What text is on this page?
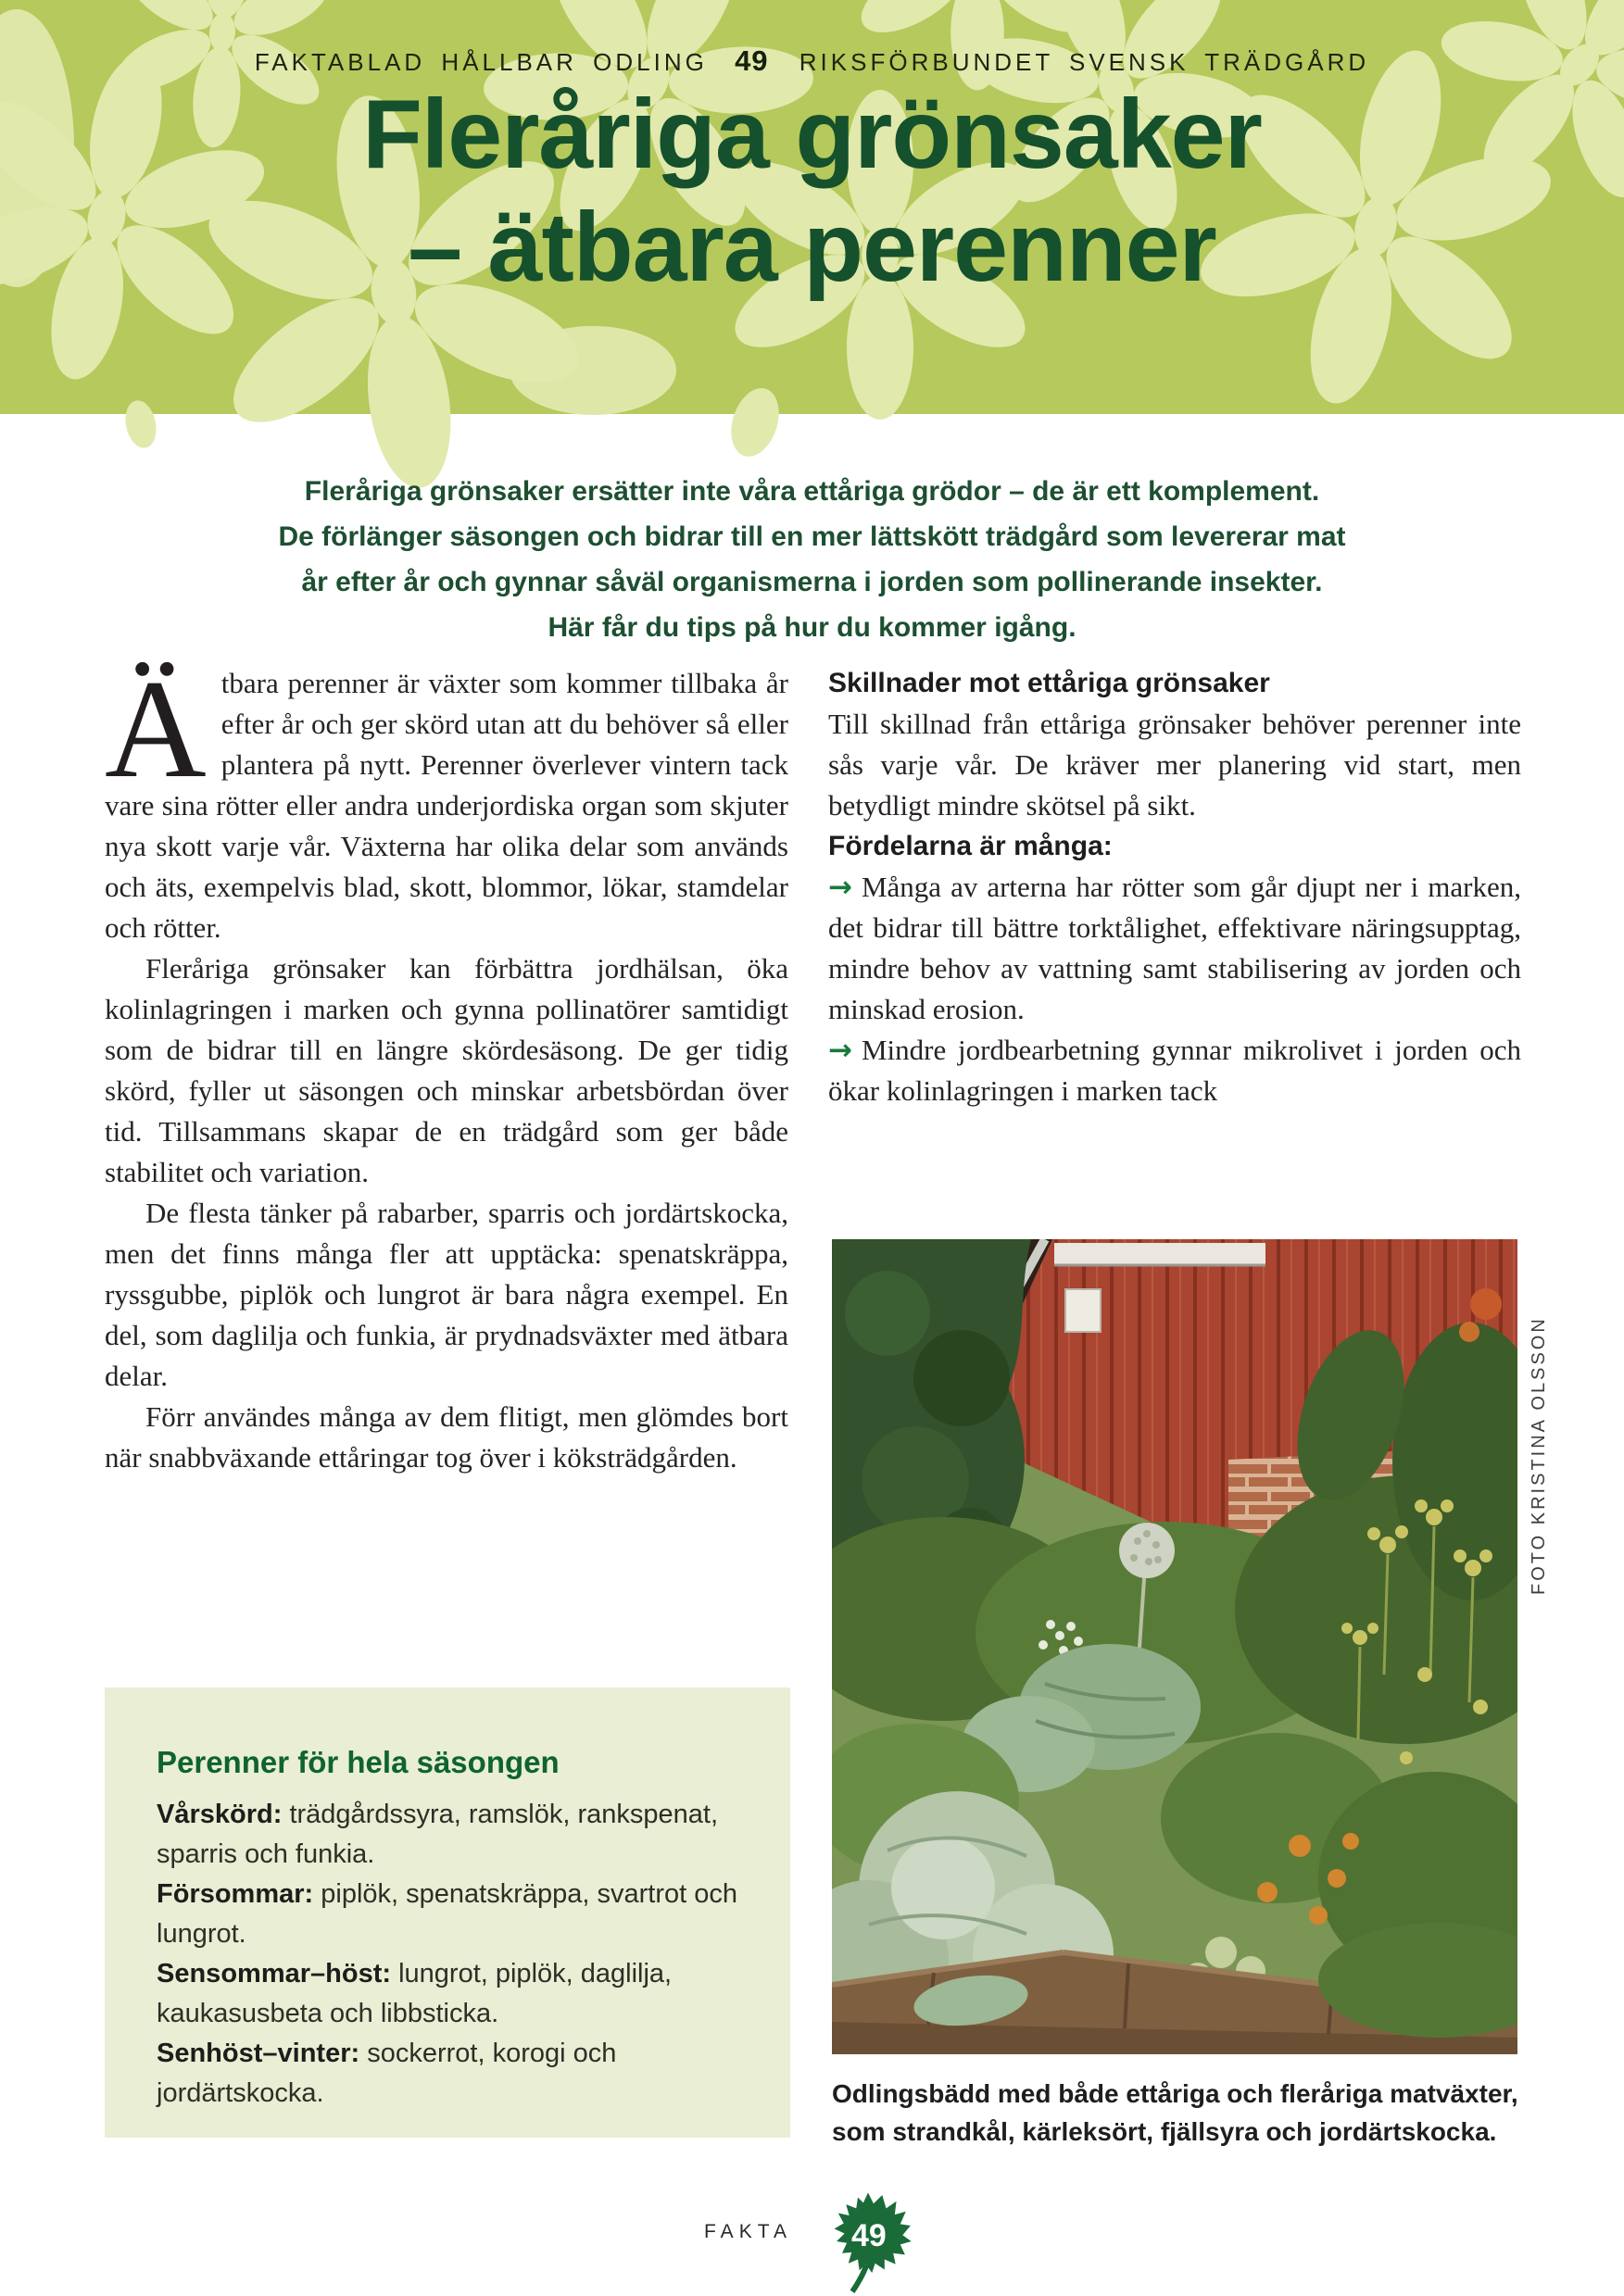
FAKTABLAD HÅLLBAR ODLING 49 RIKSFÖRBUNDET SVENSK TRÄDGÅRD
Fleråriga grönsaker
– ätbara perenner
Fleråriga grönsaker ersätter inte våra ettåriga grödor – de är ett komplement.
De förlänger säsongen och bidrar till en mer lättskött trädgård som levererar mat
år efter år och gynnar såväl organismerna i jorden som pollinerande insekter.
Här får du tips på hur du kommer igång.

Ätbara perenner är växter som kommer tillbaka år efter år och ger skörd utan att du behöver så eller plantera på nytt. Perenner överlever vintern tack vare sina rötter eller andra underjordiska organ som skjuter nya skott varje vår. Växterna har olika delar som används och äts, exempelvis blad, skott, blommor, lökar, stamdelar och rötter.

Fleråriga grönsaker kan förbättra jordhälsan, öka kolinlagringen i marken och gynna pollinatörer samtidigt som de bidrar till en längre skördesäsong. De ger tidig skörd, fyller ut säsongen och minskar arbetsbördan över tid. Tillsammans skapar de en trädgård som ger både stabilitet och variation.

De flesta tänker på rabarber, sparris och jordärtskocka, men det finns många fler att upptäcka: spenatskräppa, ryssgubbe, piplök och lungrot är bara några exempel. En del, som daglilja och funkia, är prydnadsväxter med ätbara delar.

Förr användes många av dem flitigt, men glömdes bort när snabbväxande ettåringar tog över i köksträdgården.

Skillnader mot ettåriga grönsaker

Till skillnad från ettåriga grönsaker behöver perenner inte sås varje vår. De kräver mer planering vid start, men betydligt mindre skötsel på sikt.

Fördelarna är många:

→ Många av arterna har rötter som går djupt ner i marken, det bidrar till bättre torktålighet, effektivare näringsupptag, mindre behov av vattning samt stabilisering av jorden och minskad erosion.

→ Mindre jordbearbetning gynnar mikrolivet i jorden och ökar kolinlagringen i marken tack

FOTO KRISTINA OLSSON
Odlingsbädd med både ettåriga och fleråriga matväxter,
som strandkål, kärleksört, fjällsyra och jordärtskocka.
Perenner för hela säsongen

Vårskörd: trädgårdssyra, ramslök, rankspenat, sparris och funkia.

Försommar: piplök, spenatskräppa, svartrot och lungrot.

Sensommar–höst: lungrot, piplök, daglilja, kaukasusbeta och libbsticka.

Senhöst–vinter: sockerrot, korogi och jordärtskocka.

FAKTA 49
